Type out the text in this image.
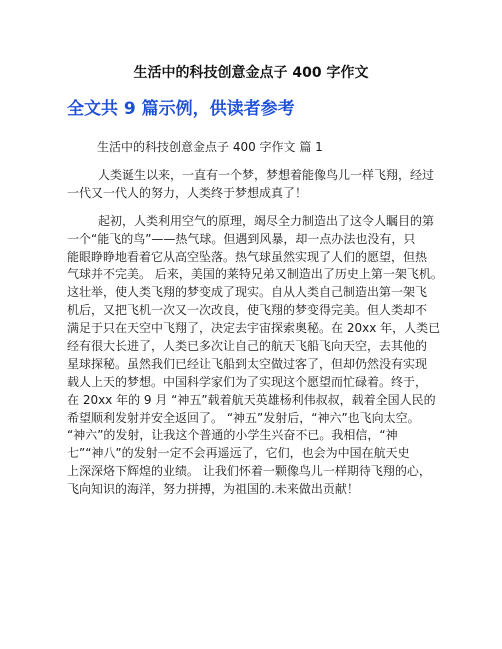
生活中的科技创意金点子 400 字作文
全文共 9 篇示例，供读者参考
生活中的科技创意金点子 400 字作文 篇 1
人类诞生以来，一直有一个梦，梦想着能像鸟儿一样飞翔，经过
一代又一代人的努力，人类终于梦想成真了！
起初，人类利用空气的原理，竭尽全力制造出了这令人瞩目的第
一个“能飞的鸟”——热气球。但遇到风暴，却一点办法也没有，只
能眼睁睁地看着它从高空坠落。热气球虽然实现了人们的愿望，但热
气球并不完美。 后来，美国的莱特兄弟又制造出了历史上第一架飞机。
这壮举，使人类飞翔的梦变成了现实。自从人类自己制造出第一架飞
机后，又把飞机一次又一次改良，使飞翔的梦变得完美。但人类却不
满足于只在天空中飞翔了，决定去宇宙探索奥秘。在 20xx 年，人类已
经有很大长进了，人类已多次让自己的航天飞船飞向天空，去其他的
星球探秘。虽然我们已经让飞船到太空做过客了，但却仍然没有实现
载人上天的梦想。中国科学家们为了实现这个愿望而忙碌着。终于，
在 20xx 年的 9 月 “神五”载着航天英雄杨利伟叔叔，载着全国人民的
希望顺利发射并安全返回了。 “神五”发射后，“神六”也飞向太空。
“神六”的发射，让我这个普通的小学生兴奋不已。我相信，“神
七”“神八”的发射一定不会再遥远了，它们，也会为中国在航天史
上深深烙下辉煌的业绩。 让我们怀着一颗像鸟儿一样期待飞翔的心，
飞向知识的海洋，努力拼搏，为祖国的.未来做出贡献！
